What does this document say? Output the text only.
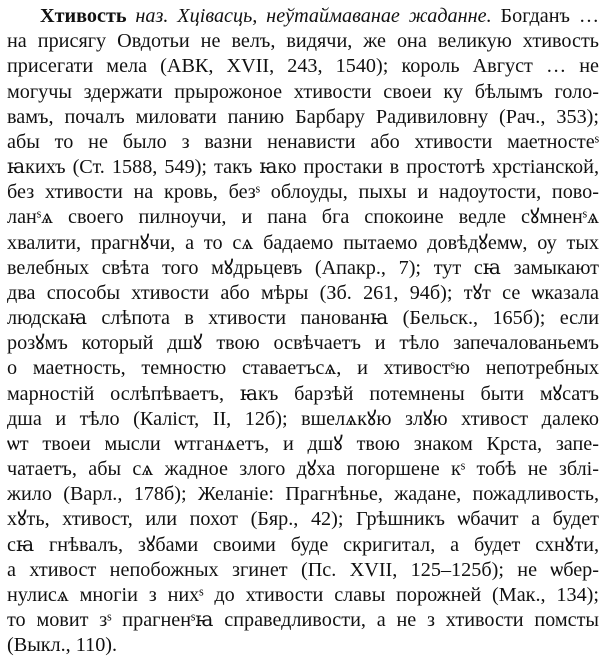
Хтивость наз. Хцівасць, неўтаймаванае жаданне. Богданъ …
на присягу Овдотьи не велъ, видячи, же она великую хтивость
присегати мела (АВК, XVII, 243, 1540); король Август … не
могучы здержати прырожоное хтивости своеи ку бѣлымъ голо-
вамъ, почалъ миловати панию Барбару Радивиловну (Рач., 353);
абы то не было з вазни ненависти або хтивости маетностеˢ
ꙗкихъ (Ст. 1588, 549); такъ ꙗко простаки в простотѣ хрстіанской,
без хтивости на кровь, безˢ облоуды, пыхы и надоутости, пово-
ланˢѧ своего пилноучи, и пана бга спокоине ведле сꙋмненˢѧ
хвалити, прагнꙋчи, а то сѧ бадаемо пытаемо довѣдꙋемѡ, оу тых
велебных свѣта того мꙋдрьцевъ (Апакр., 7); тут сꙗ замыкают
два способы хтивости або мѣры (Зб. 261, 94б); тꙋт се ѡказала
людскаꙗ слѣпота в хтивости панованꙗ (Бельск., 165б); если
розꙋмъ который дшꙋ твою освѣчаетъ и тѣло запечалованьемъ
о маетность, темностю ставаетъсѧ, и хтивостˢю непотребных
марностій ослѣпѣваетъ, ꙗкъ барзѣй потемнены быти мꙋсатъ
дша и тѣло (Каліст, II, 12б); вшелѧкꙋю злꙋю хтивост далеко
ѡт твоеи мысли ѡтганѧетъ, и дшꙋ твою знаком Крста, запе-
чатаетъ, абы сѧ жадное злого дꙋха погоршене кˢ тобѣ не зблі-
жило (Варл., 178б); Желаніе: Прагнѣнье, жадане, пожадливость,
хꙋть, хтивост, или похот (Бяр., 42); Грѣшникъ ѡбачит а будет
сꙗ гнѣвалъ, зꙋбами своими буде скригитал, а будет схнꙋти,
а хтивост непобожных згинет (Пс. XVII, 125–125б); не ѡбер-
нулисѧ многіи з нихˢ до хтивости славы порожней (Мак., 134);
то мовит зˢ прагненˢꙗ справедливости, а не з хтивости помсты
(Выкл., 110).
